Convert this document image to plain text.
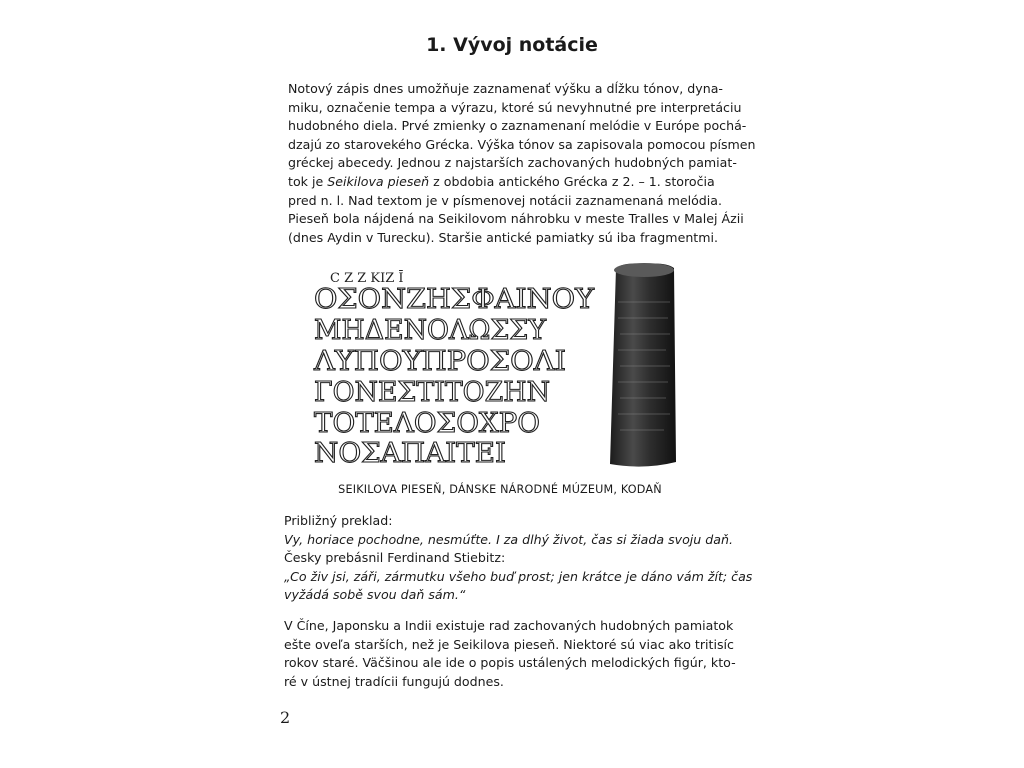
1. Vývoj notácie
Notový zápis dnes umožňuje zaznamenať výšku a dĺžku tónov, dyna-
miku, označenie tempa a výrazu, ktoré sú nevyhnutné pre interpretáciu
hudobného diela. Prvé zmienky o zaznamenaní melódie v Európe pochá-
dzajú zo starovekého Grécka. Výška tónov sa zapisovala pomocou písmen
gréckej abecedy. Jednou z najstarších zachovaných hudobných pamiat-
tok je Seikilova pieseň z obdobia antického Grécka z 2. – 1. storočia
pred n. l. Nad textom je v písmenovej notácii zaznamenaná melódia.
Pieseň bola nájdená na Seikilovom náhrobku v meste Tralles v Malej Ázii
(dnes Aydin v Turecku). Staršie antické pamiatky sú iba fragmentmi.
C Z Z KIZ Ī
ΟΣΟΝΖΗΣΦΑΙΝΟΥ
ΜΗΔΕΝΟΛΩΣΣΥ
ΛΥΠΟΥΠΡΟΣΟΛΙ
ΓΟΝΕΣΤΙΤΟΖΗΝ
ΤΟΤΕΛΟΣΟΧΡΟ
ΝΟΣΑΠΑΙΤΕΙ

SEIKILOVA PIESEŇ, DÁNSKE NÁRODNÉ MÚZEUM, KODAŇ

Približný preklad:
Vy, horiace pochodne, nesmúťte. I za dlhý život, čas si žiada svoju daň.
Česky prebásnil Ferdinand Stiebitz:
„Co živ jsi, záři, zármutku všeho buď prost; jen krátce je dáno vám žít; čas
vyžádá sobě svou daň sám.“
V Číne, Japonsku a Indii existuje rad zachovaných hudobných pamiatok
ešte oveľa starších, než je Seikilova pieseň. Niektoré sú viac ako tritisíc
rokov staré. Väčšinou ale ide o popis ustálených melodických figúr, kto-
ré v ústnej tradícii fungujú dodnes.

2
